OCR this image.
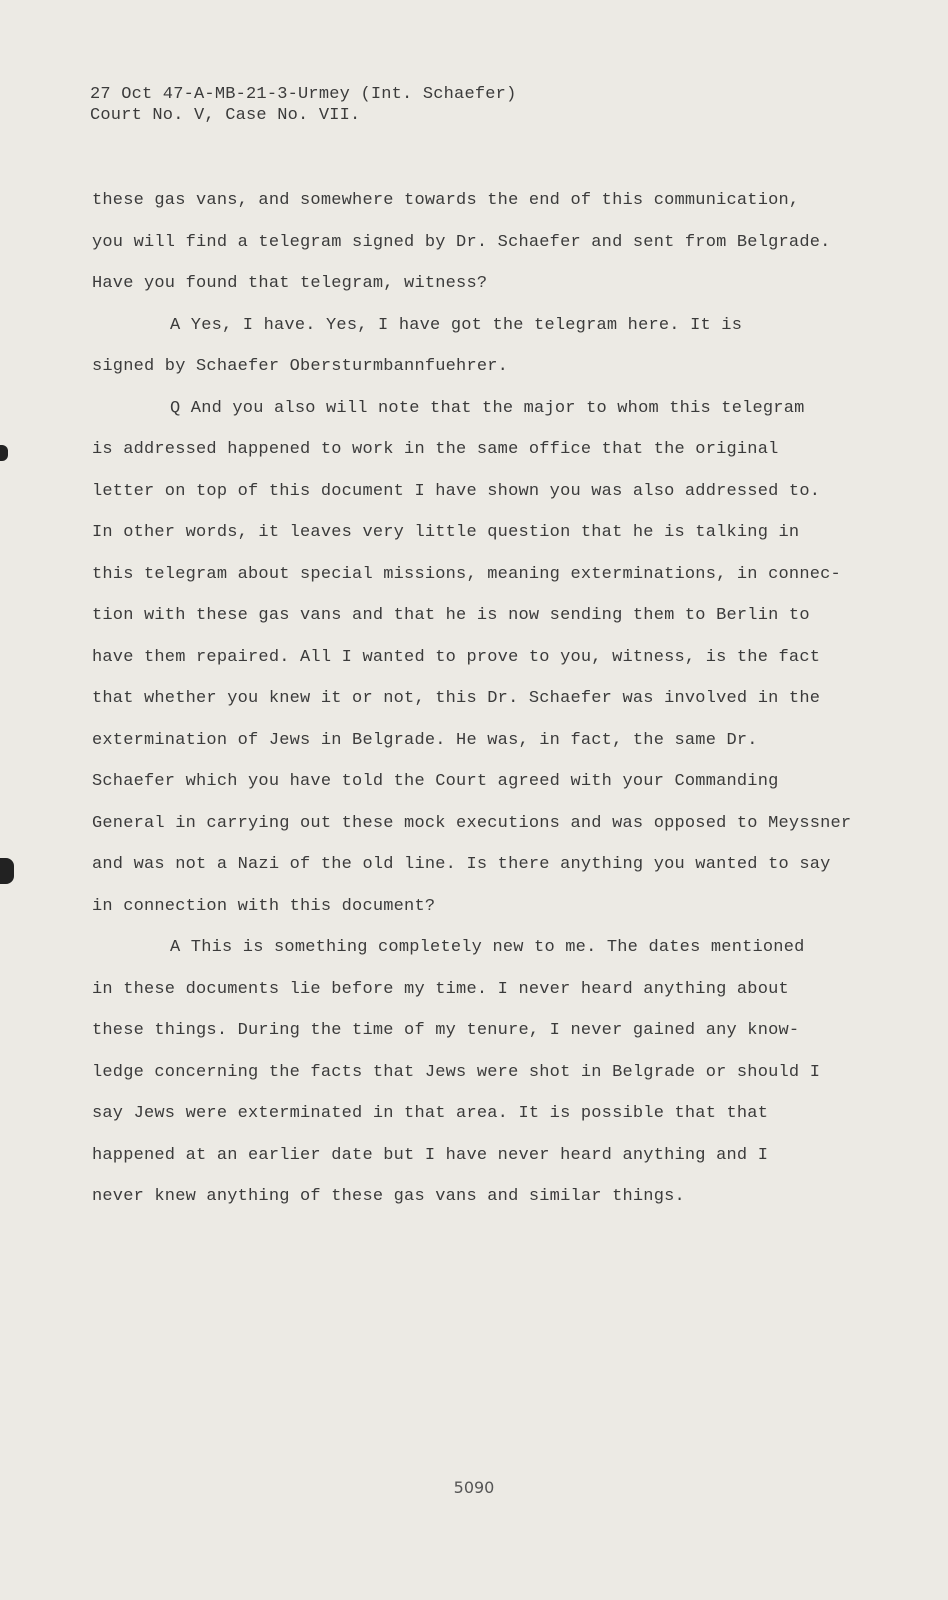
27 Oct 47-A-MB-21-3-Urmey (Int. Schaefer)
Court No. V, Case No. VII.
these gas vans, and somewhere towards the end of this communication,
you will find a telegram signed by Dr. Schaefer and sent from Belgrade.
Have you found that telegram, witness?
A Yes, I have. Yes, I have got the telegram here. It is
signed by Schaefer Obersturmbannfuehrer.
Q And you also will note that the major to whom this telegram
is addressed happened to work in the same office that the original
letter on top of this document I have shown you was also addressed to.
In other words, it leaves very little question that he is talking in
this telegram about special missions, meaning exterminations, in connec-
tion with these gas vans and that he is now sending them to Berlin to
have them repaired. All I wanted to prove to you, witness, is the fact
that whether you knew it or not, this Dr. Schaefer was involved in the
extermination of Jews in Belgrade. He was, in fact, the same Dr.
Schaefer which you have told the Court agreed with your Commanding
General in carrying out these mock executions and was opposed to Meyssner
and was not a Nazi of the old line. Is there anything you wanted to say
in connection with this document?
A This is something completely new to me. The dates mentioned
in these documents lie before my time. I never heard anything about
these things. During the time of my tenure, I never gained any know-
ledge concerning the facts that Jews were shot in Belgrade or should I
say Jews were exterminated in that area. It is possible that that
happened at an earlier date but I have never heard anything and I
never knew anything of these gas vans and similar things.
5090
